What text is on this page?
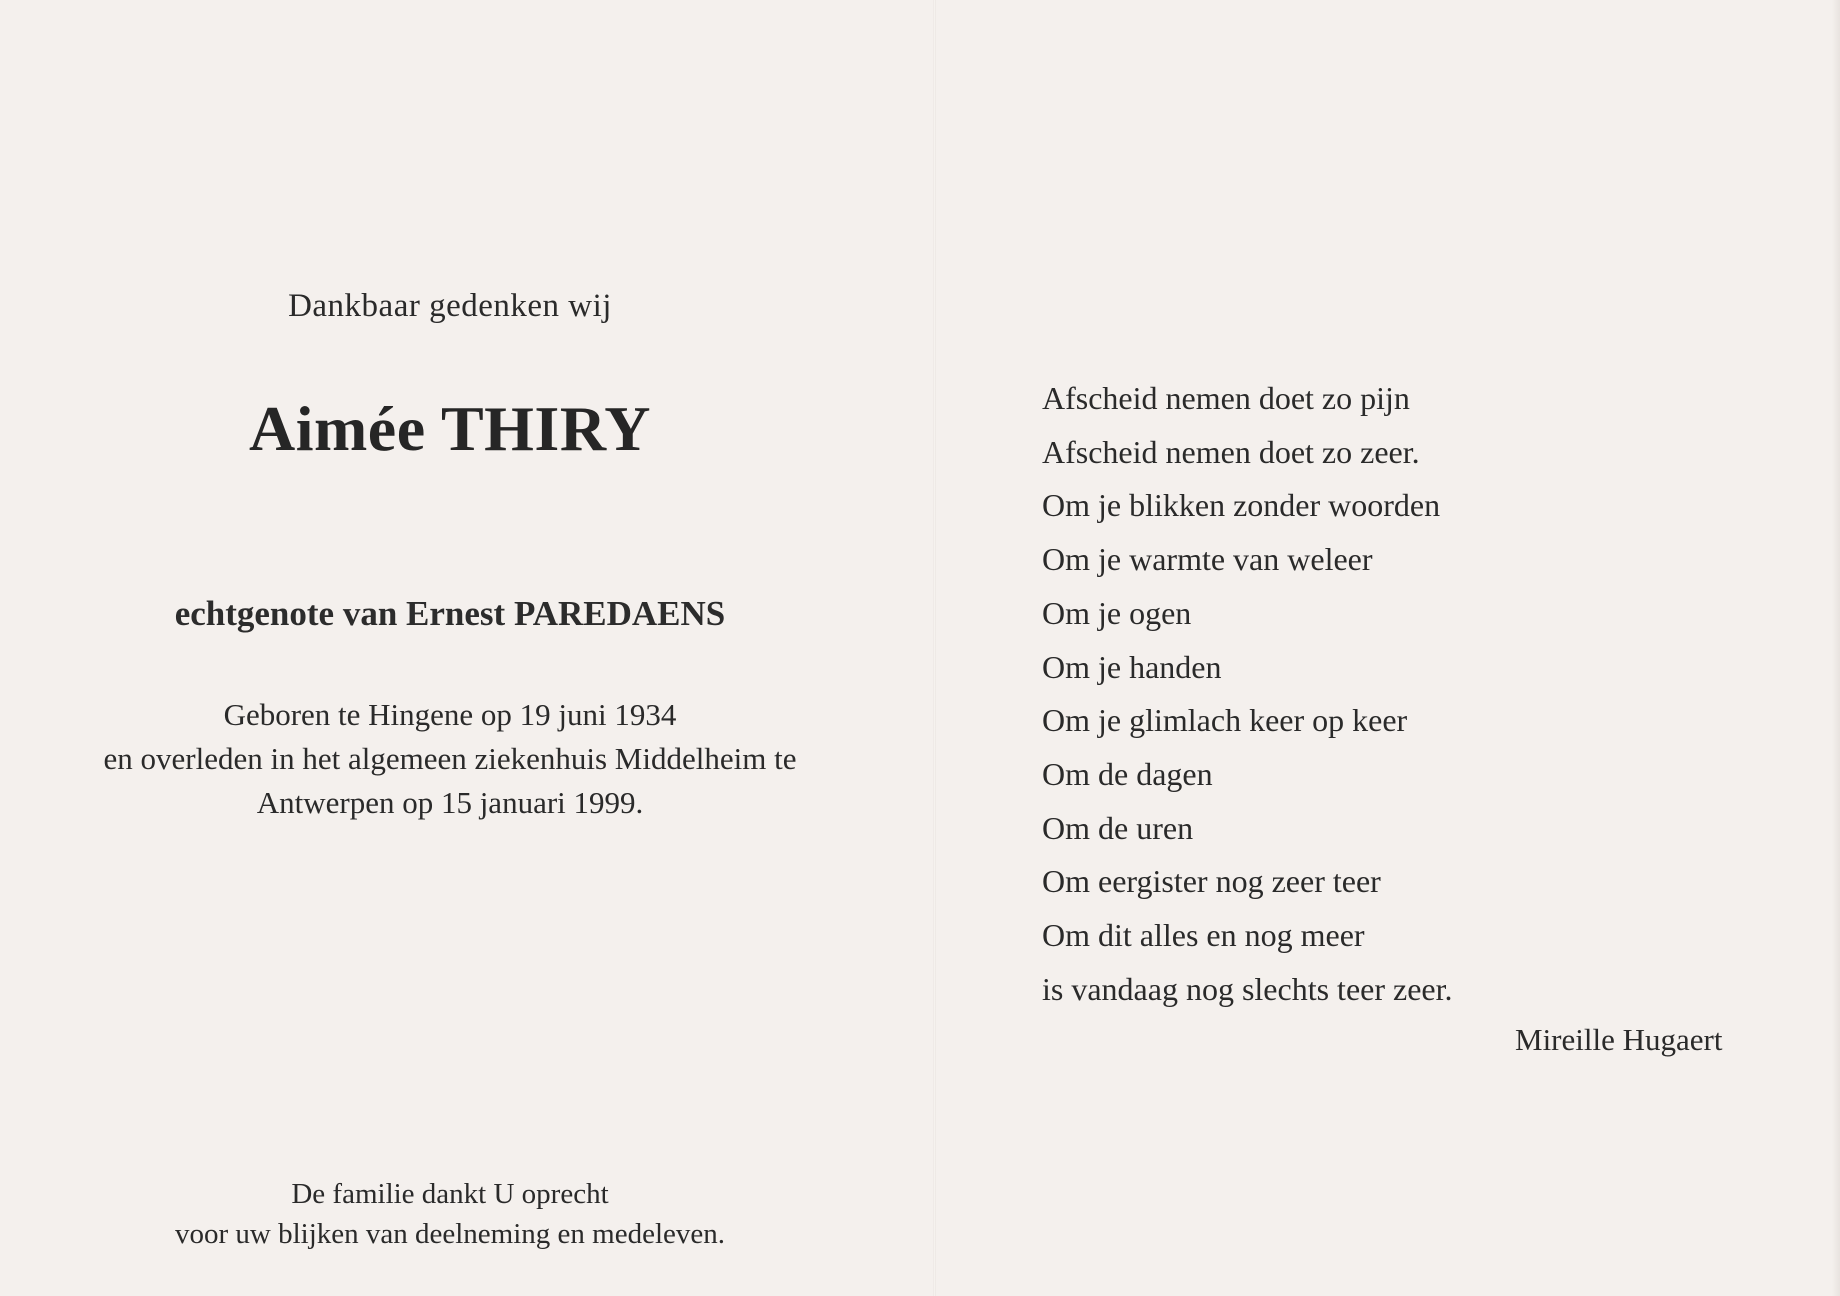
Dankbaar gedenken wij
Aimée THIRY
echtgenote van Ernest PAREDAENS
Geboren te Hingene op 19 juni 1934
en overleden in het algemeen ziekenhuis Middelheim te
Antwerpen op 15 januari 1999.
De familie dankt U oprecht
voor uw blijken van deelneming en medeleven.
Afscheid nemen doet zo pijn
Afscheid nemen doet zo zeer.
Om je blikken zonder woorden
Om je warmte van weleer
Om je ogen
Om je handen
Om je glimlach keer op keer
Om de dagen
Om de uren
Om eergister nog zeer teer
Om dit alles en nog meer
is vandaag nog slechts teer zeer.
Mireille Hugaert
